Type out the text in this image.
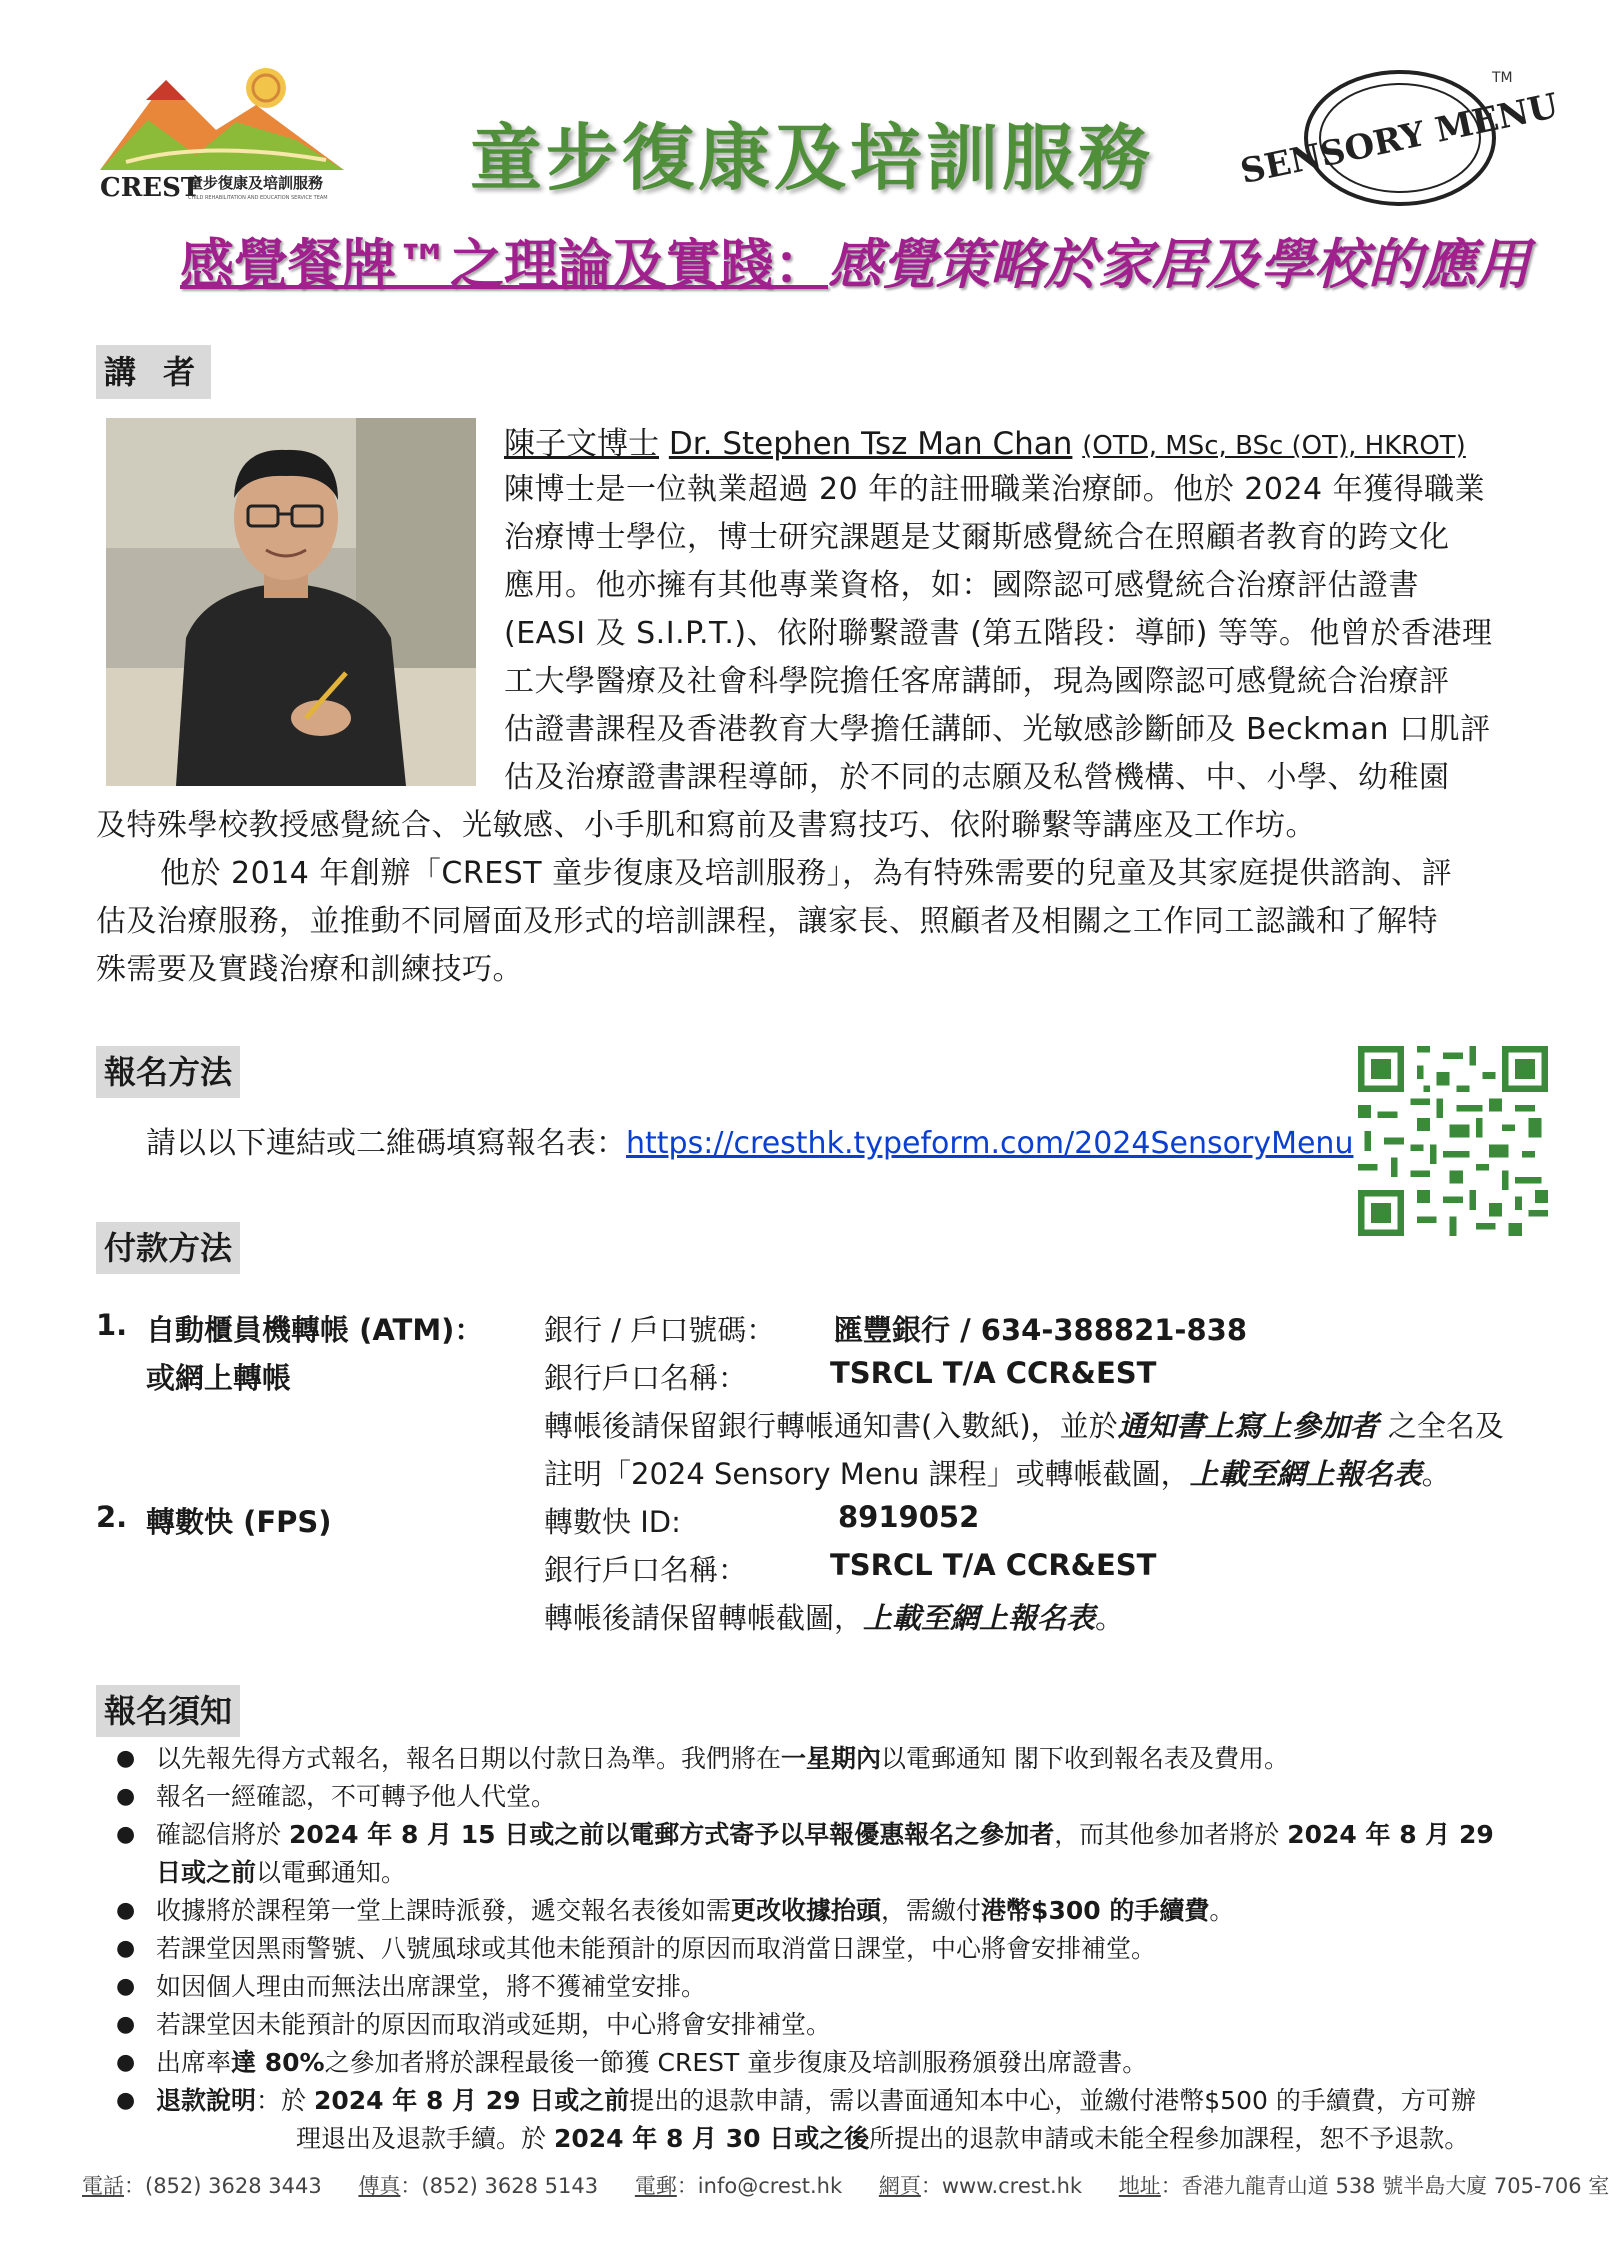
CREST
童步復康及培訓服務
CHILD REHABILITATION AND EDUCATION SERVICE TEAM 童步復康及培訓服務 SENSORY MENU
TM
感覺餐牌™之理論及實踐：感覺策略於家居及學校的應用
講 者
陳子文博士 Dr. Stephen Tsz Man Chan (OTD, MSc, BSc (OT), HKROT)
陳博士是一位執業超過 20 年的註冊職業治療師。他於 2024 年獲得職業
治療博士學位，博士研究課題是艾爾斯感覺統合在照顧者教育的跨文化
應用。他亦擁有其他專業資格，如：國際認可感覺統合治療評估證書
(EASI 及 S.I.P.T.)、依附聯繫證書 (第五階段：導師) 等等。他曾於香港理
工大學醫療及社會科學院擔任客席講師，現為國際認可感覺統合治療評
估證書課程及香港教育大學擔任講師、光敏感診斷師及 Beckman 口肌評
估及治療證書課程導師，於不同的志願及私營機構、中、小學、幼稚園
及特殊學校教授感覺統合、光敏感、小手肌和寫前及書寫技巧、依附聯繫等講座及工作坊。
他於 2014 年創辦「CREST 童步復康及培訓服務」，為有特殊需要的兒童及其家庭提供諮詢、評
估及治療服務，並推動不同層面及形式的培訓課程，讓家長、照顧者及相關之工作同工認識和了解特
殊需要及實踐治療和訓練技巧。
報名方法
請以以下連結或二維碼填寫報名表：https://cresthk.typeform.com/2024SensoryMenu
付款方法
1. 自動櫃員機轉帳 (ATM)：
或網上轉帳
銀行 / 戶口號碼： 匯豐銀行 / 634-388821-838
銀行戶口名稱：	TSRCL T/A CCR&EST
轉帳後請保留銀行轉帳通知書(入數紙)，並於通知書上寫上參加者 之全名及
註明「2024 Sensory Menu 課程」或轉帳截圖，上載至網上報名表。
2. 轉數快 (FPS)	轉數快 ID:	8919052
銀行戶口名稱：	TSRCL T/A CCR&EST
轉帳後請保留轉帳截圖，上載至網上報名表。
報名須知
● 以先報先得方式報名，報名日期以付款日為準。我們將在一星期內以電郵通知 閣下收到報名表及費用。
● 報名一經確認，不可轉予他人代堂。
● 確認信將於 2024 年 8 月 15 日或之前以電郵方式寄予以早報優惠報名之參加者，而其他參加者將於 2024 年 8 月 29
日或之前以電郵通知。
● 收據將於課程第一堂上課時派發，遞交報名表後如需更改收據抬頭，需繳付港幣$300 的手續費。
● 若課堂因黑雨警號、八號風球或其他未能預計的原因而取消當日課堂，中心將會安排補堂。
● 如因個人理由而無法出席課堂，將不獲補堂安排。
● 若課堂因未能預計的原因而取消或延期，中心將會安排補堂。
● 出席率達 80%之參加者將於課程最後一節獲 CREST 童步復康及培訓服務頒發出席證書。
● 退款說明：於 2024 年 8 月 29 日或之前提出的退款申請，需以書面通知本中心，並繳付港幣$500 的手續費，方可辦
理退出及退款手續。於 2024 年 8 月 30 日或之後所提出的退款申請或未能全程參加課程，恕不予退款。
電話：(852) 3628 3443 傳真：(852) 3628 5143 電郵：info@crest.hk 網頁：www.crest.hk 地址：香港九龍青山道 538 號半島大廈 705-706 室
